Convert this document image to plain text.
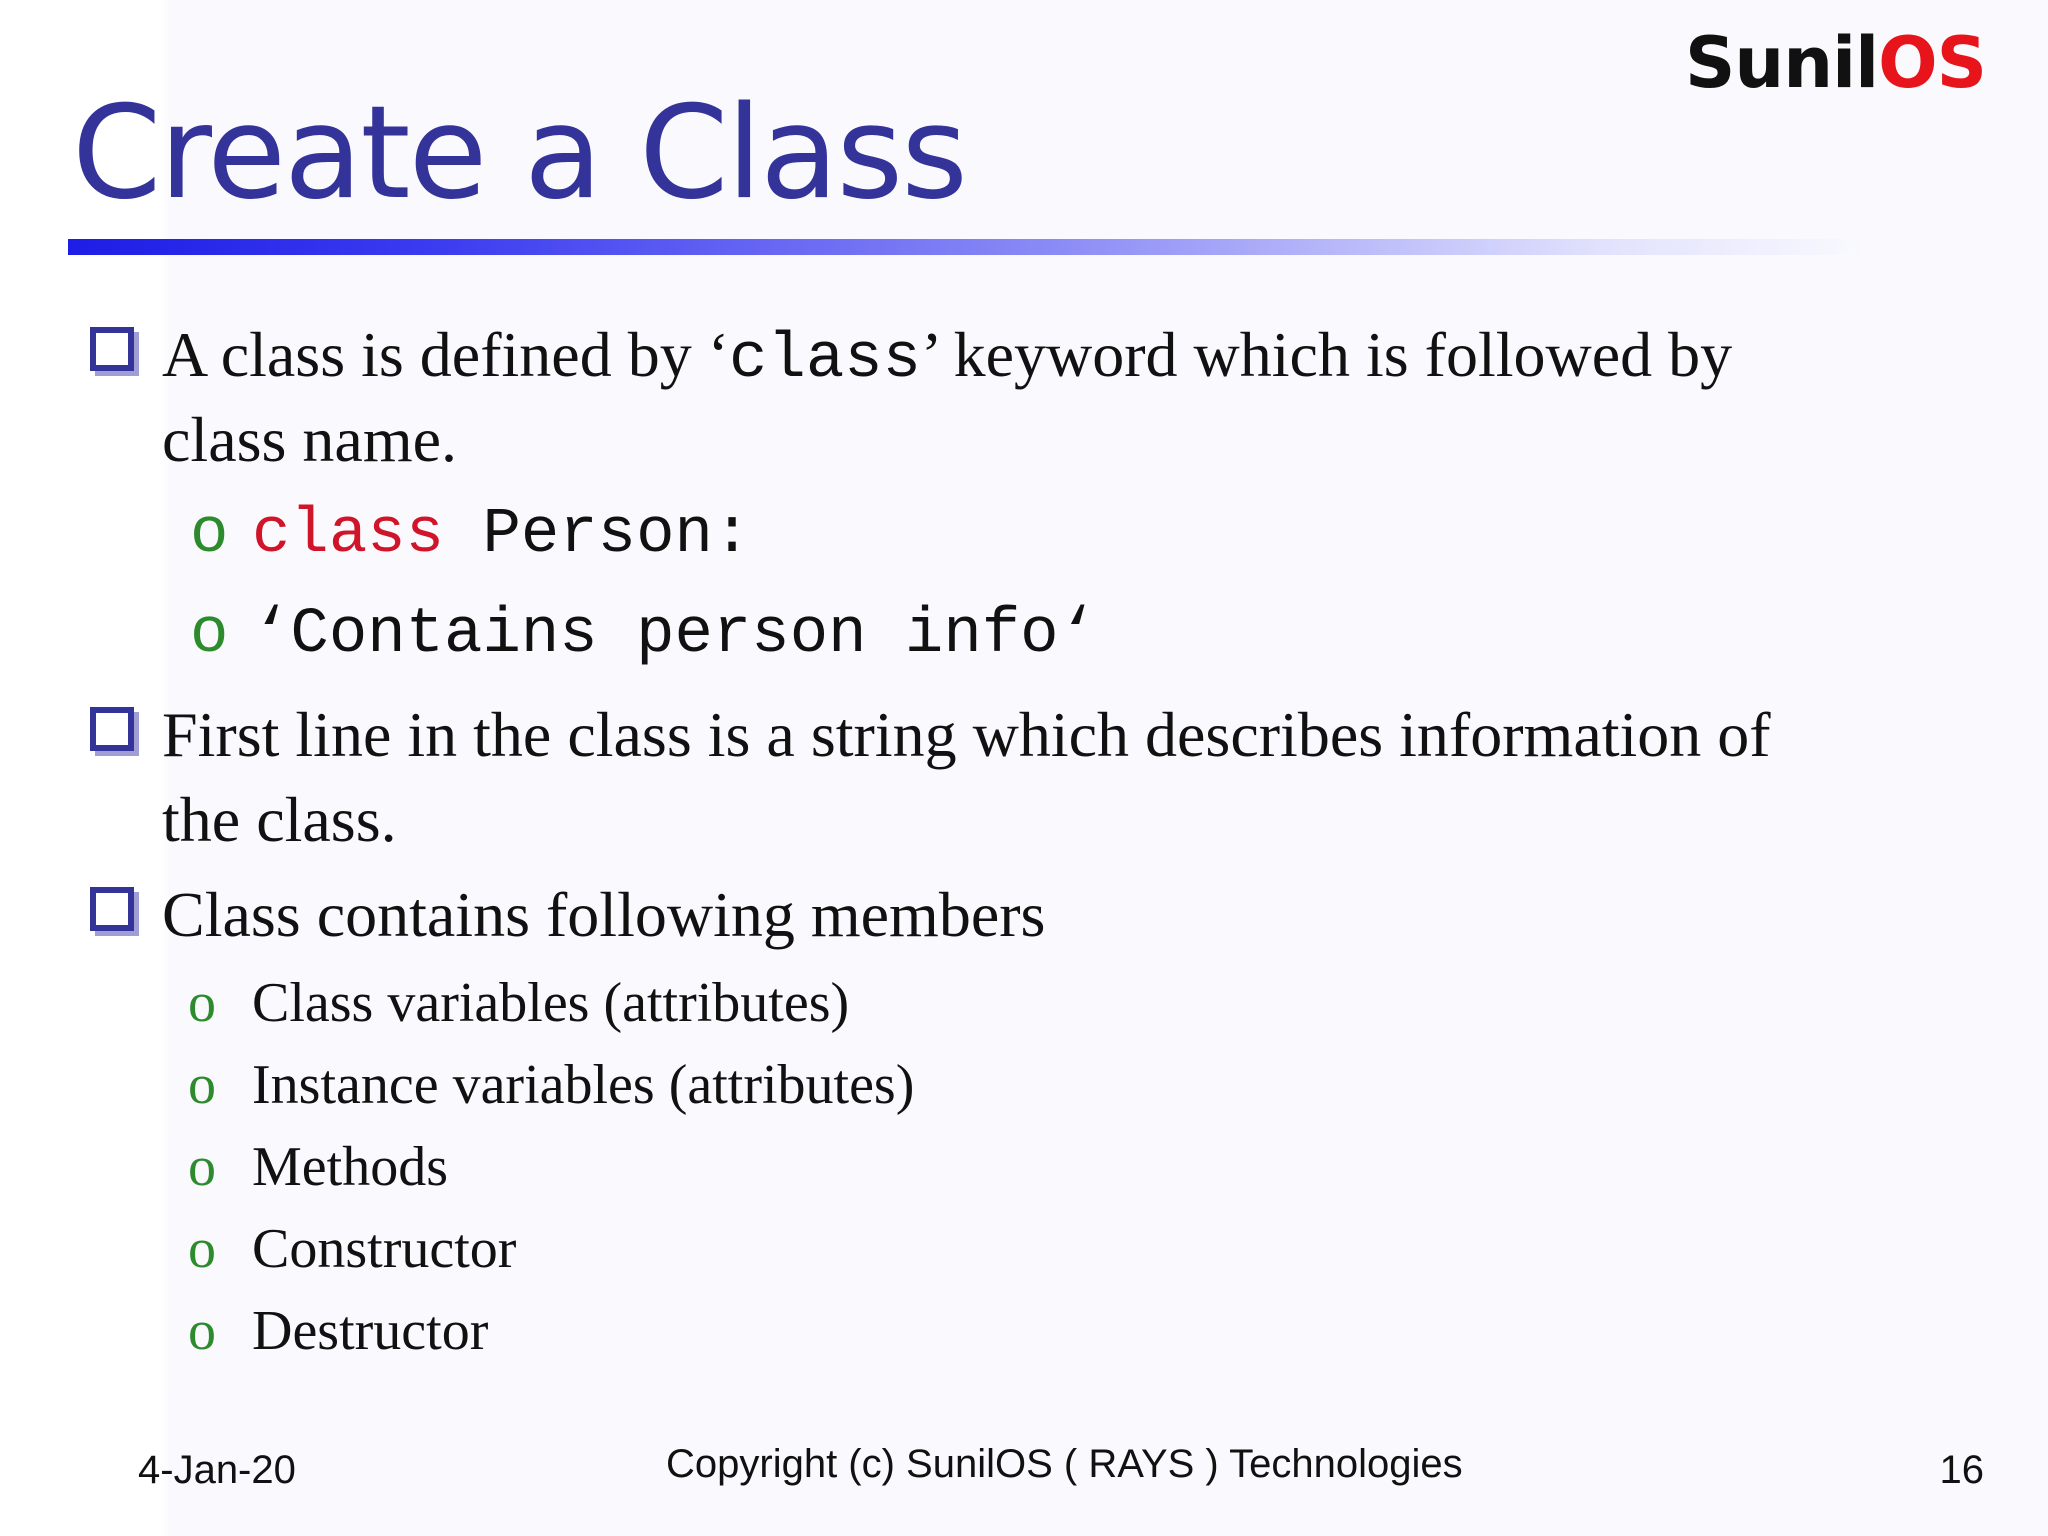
SunilOS
Create a Class
A class is defined by ‘class’ keyword which is followed by
class name.
o class Person:
o ‘Contains person info‘
First line in the class is a string which describes information of
the class.
Class contains following members
o Class variables (attributes)
o Instance variables (attributes)
o Methods
o Constructor
o Destructor
4-Jan-20	Copyright (c) SunilOS ( RAYS ) Technologies	16
